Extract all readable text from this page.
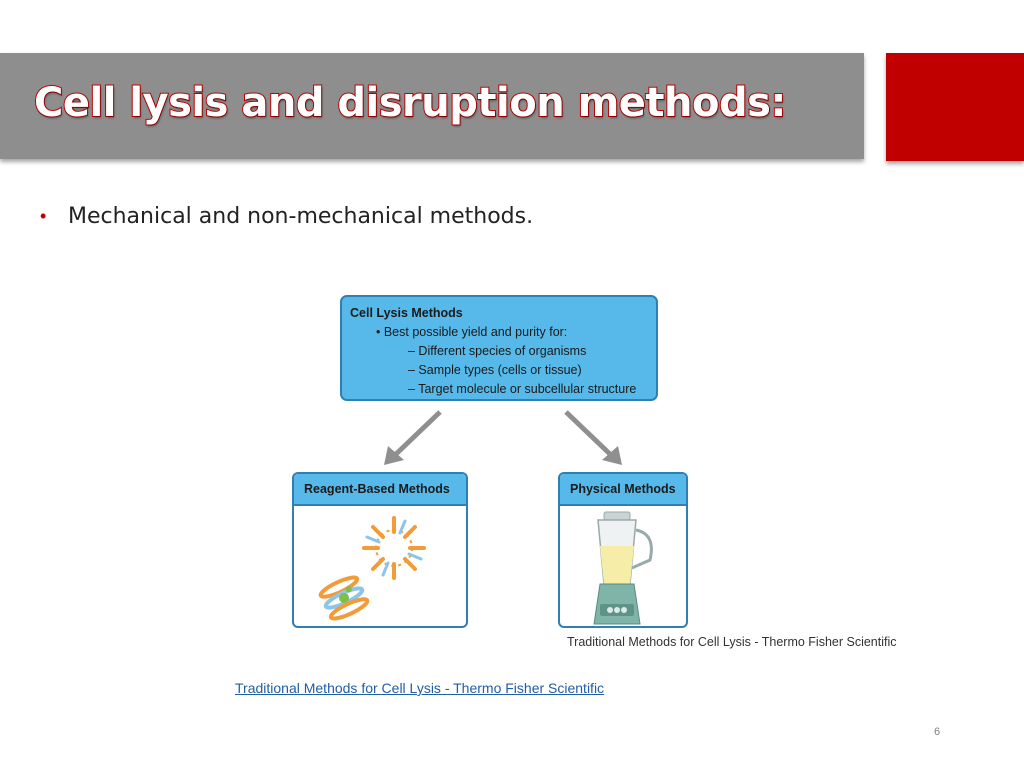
Cell lysis and disruption methods:
• Mechanical and non-mechanical methods.
Cell Lysis Methods
• Best possible yield and purity for:
– Different species of organisms
– Sample types (cells or tissue)
– Target molecule or subcellular structure
Reagent-Based Methods	Physical Methods
Traditional Methods for Cell Lysis - Thermo Fisher Scientific
Traditional Methods for Cell Lysis - Thermo Fisher Scientific
6
